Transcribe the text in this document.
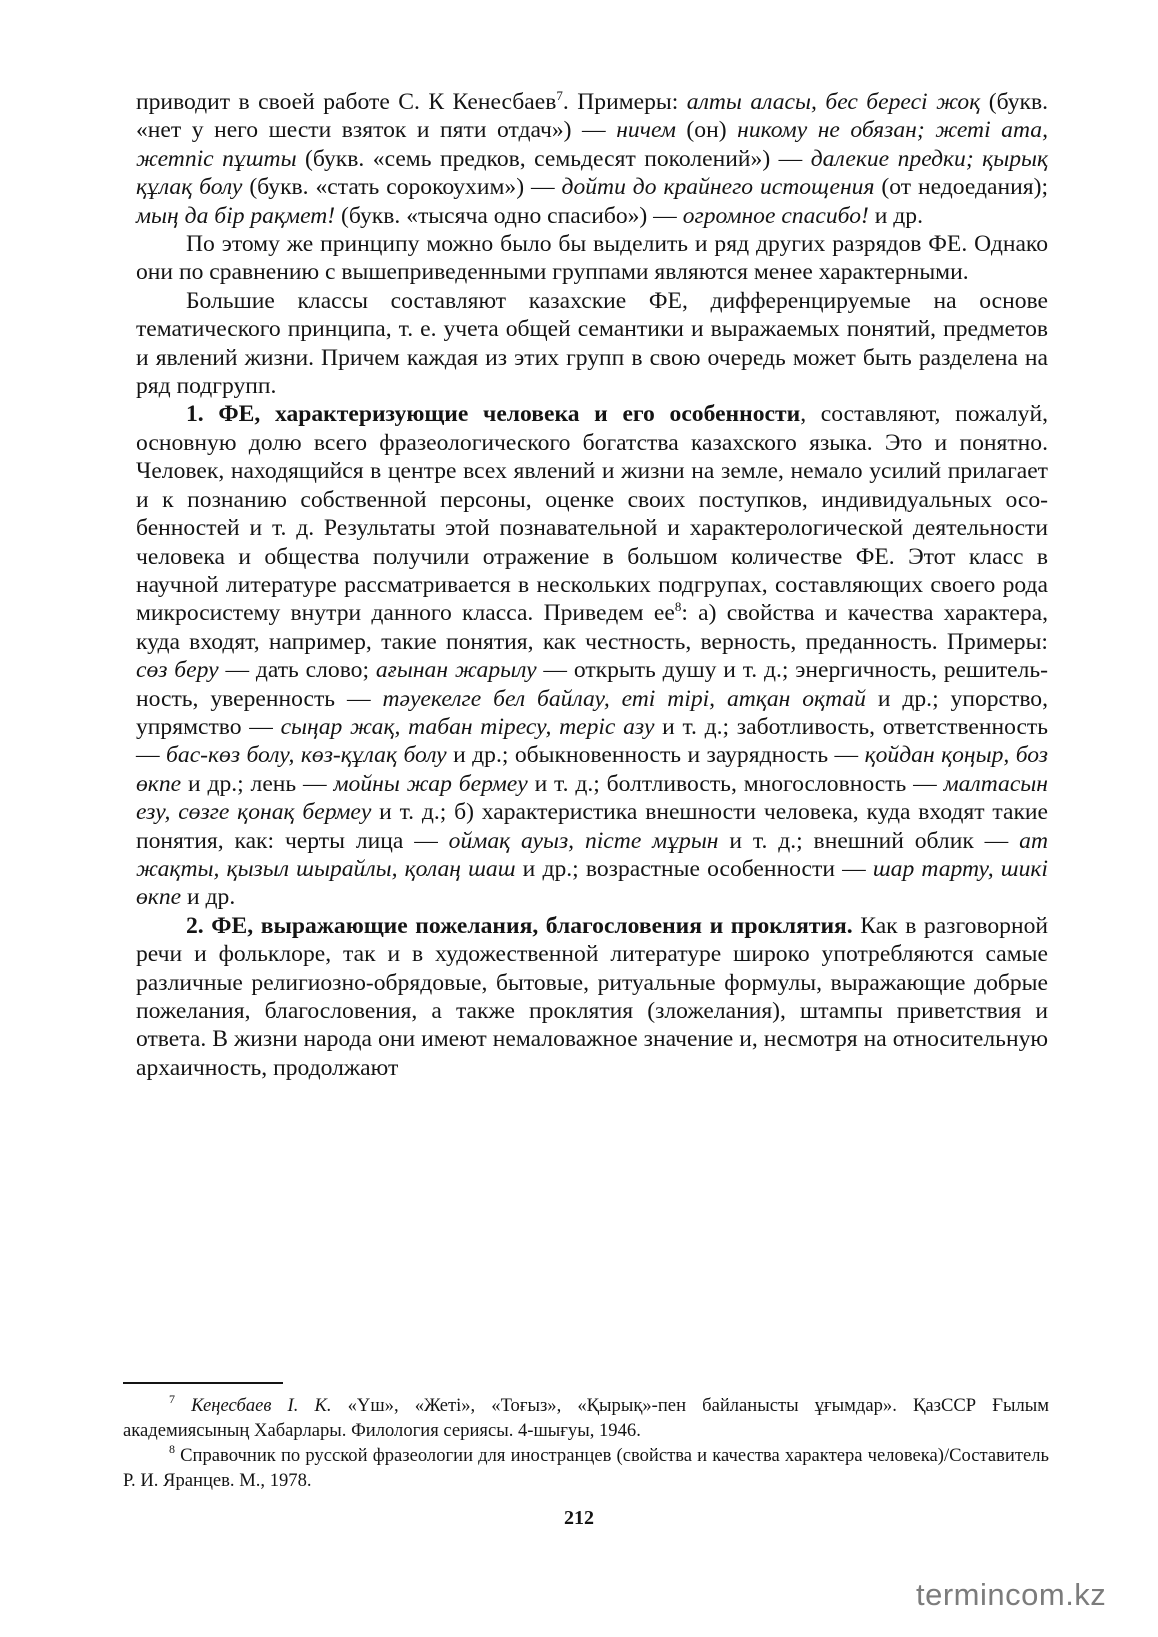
приводит в своей работе С. К Кенесбаев$^7$. Примеры: алты аласы, бес бересі жоқ (букв. «нет у него шести взяток и пяти отдач») — ничем (он) никому не обязан; жеті ата, жетпіс пұшты (букв. «семь предков, семьдесят поколений») — далекие предки; қырық құлақ болу (букв. «стать сорокоухим») — дойти до крайнего истощения (от недоедания); мың да бір рақмет! (букв. «тысяча одно спасибо») — огромное спасибо! и др.

По этому же принципу можно было бы выделить и ряд других разрядов ФЕ. Однако они по сравнению с вышеприведенными группами являются менее характерными.

Большие классы составляют казахские ФЕ, дифференцируемые на основе тематического принципа, т. е. учета общей семантики и выражаемых понятий, предметов и явлений жизни. Причем каждая из этих групп в свою очередь может быть разделена на ряд подгрупп.

1. ФЕ, характеризующие человека и его особенности, составляют, пожалуй, основную долю всего фразеологического богатства казахского языка. Это и понятно. Человек, находящийся в центре всех явлений и жизни на земле, немало усилий прилагает и к познанию собственной персоны, оценке своих поступков, индивидуальных особенностей и т. д. Результаты этой познавательной и характерологической деятельности человека и общества получили отражение в большом количестве ФЕ. Этот класс в научной литературе рассматривается в нескольких подгрупах, составляющих своего рода микросистему внутри данного класса. Приведем $ее^8$: а) свойства и качества характера, куда входят, например, такие понятия, как честность, верность, преданность. Примеры: сөз беру — дать слово; ағынан жарылу — открыть душу и т. д.; энергичность, решительность, уверенность — тәуекелге бел байлау, еті тірі, атқан оқтай и др.; упорство, упрямство — сыңар жақ, табан тіресу, теріс азу и т. д.; заботливость, ответственность — бас-көз болу, көз-құлақ болу и др.; обыкновенность и заурядность — қойдан қоңыр, боз өкпе и др.; лень — мойны жар бермеу и т. д.; болтливость, многословность — малтасын езу, сөзге қонақ бермеу и т. д.; б) характеристика внешности человека, куда входят такие понятия, как: черты лица — оймақ ауыз, пісте мұрын и т. д.; внешний облик — ат жақты, қызыл шырайлы, қолаң шаш и др.; возрастные особенности — шар тарту, шикі өкпе и др.

2. ФЕ, выражающие пожелания, благословения и проклятия. Как в разговорной речи и фольклоре, так и в художественной литературе широко употребляются самые различные религиозно-обрядовые, бытовые, ритуальные формулы, выражающие добрые пожелания, благословения, а также проклятия (зложелания), штампы приветствия и ответа. В жизни народа они имеют немаловажное значение и, несмотря на относительную архаичность, продолжают

$^7$ Кеңесбаев І. К. «Үш», «Жеті», «Тоғыз», «Қырық»-пен байланысты ұғымдар». ҚазССР Ғылым академиясының Хабарлары. Филология сериясы. 4-шығуы, 1946.

$^8$ Справочник по русской фразеологии для иностранцев (свойства и качества характера человека)/Составитель Р. И. Яранцев. М., 1978.

212
termincom.kz
